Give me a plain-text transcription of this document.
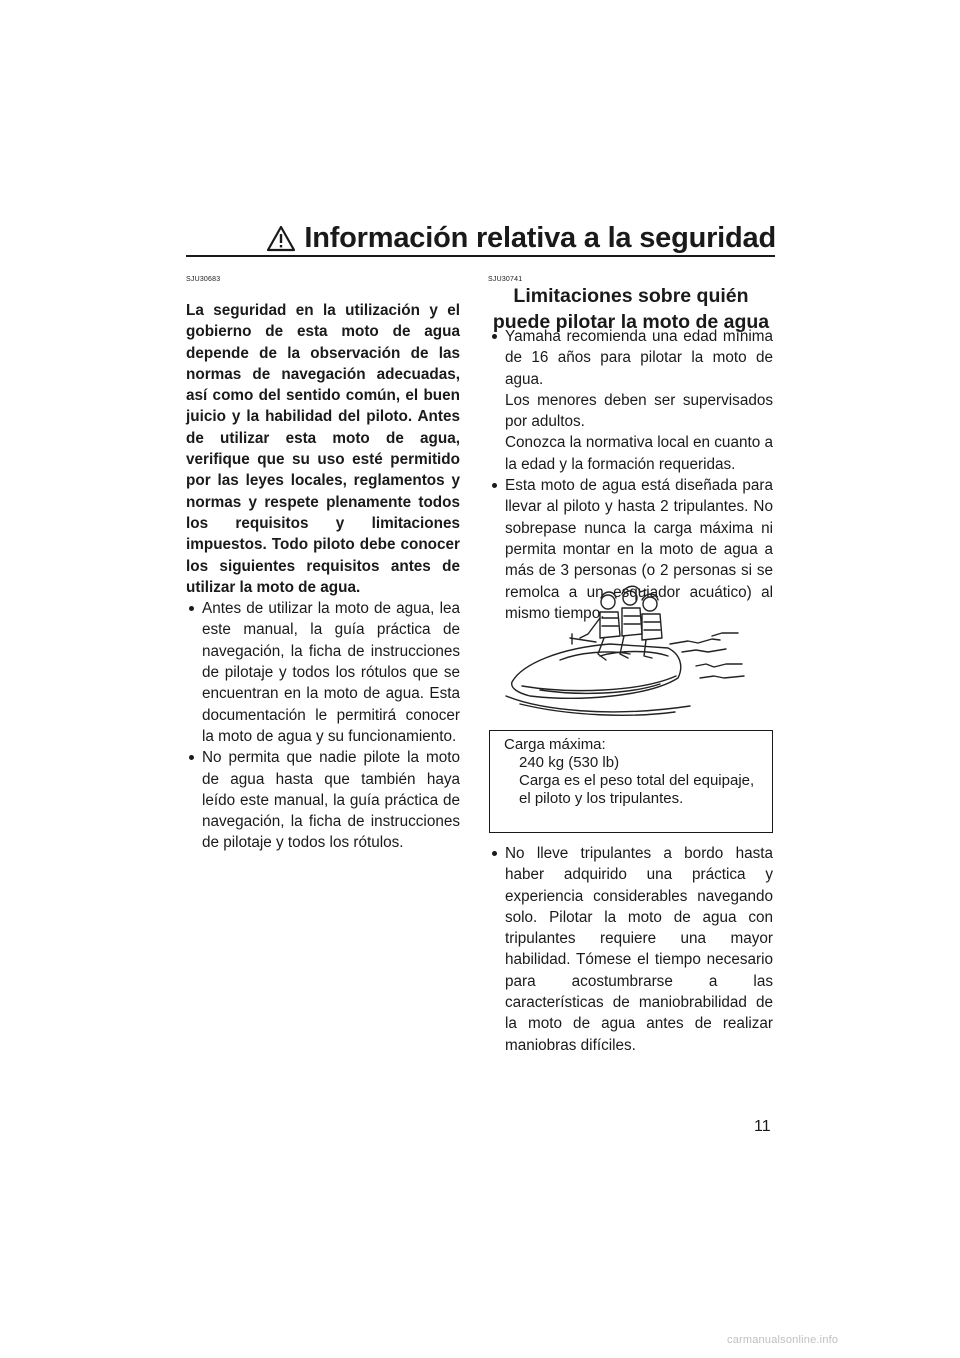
Información relativa a la seguridad
SJU30683

La seguridad en la utilización y el gobierno de esta moto de agua depende de la observación de las normas de navegación adecuadas, así como del sentido común, el buen juicio y la habilidad del piloto. Antes de utilizar esta moto de agua, verifique que su uso esté permitido por las leyes locales, reglamentos y normas y respete plenamente todos los requisitos y limitaciones impuestos. Todo piloto debe conocer los siguientes requisitos antes de utilizar la moto de agua.

Antes de utilizar la moto de agua, lea este manual, la guía práctica de navegación, la ficha de instrucciones de pilotaje y todos los rótulos que se encuentran en la moto de agua. Esta documentación le permitirá conocer la moto de agua y su funcionamiento.
No permita que nadie pilote la moto de agua hasta que también haya leído este manual, la guía práctica de navegación, la ficha de instrucciones de pilotaje y todos los rótulos.
SJU30741
Limitaciones sobre quién
puede pilotar la moto de agua
Yamaha recomienda una edad mínima de 16 años para pilotar la moto de agua.
Los menores deben ser supervisados por adultos.
Conozca la normativa local en cuanto a la edad y la formación requeridas.
Esta moto de agua está diseñada para llevar al piloto y hasta 2 tripulantes. No sobrepase nunca la carga máxima ni permita montar en la moto de agua a más de 3 personas (o 2 personas si se remolca a un esquiador acuático) al mismo tiempo.
Carga máxima:
240 kg (530 lb)
Carga es el peso total del equipaje, el piloto y los tripulantes.
No lleve tripulantes a bordo hasta haber adquirido una práctica y experiencia considerables navegando solo. Pilotar la moto de agua con tripulantes requiere una mayor habilidad. Tómese el tiempo necesario para acostumbrarse a las características de maniobrabilidad de la moto de agua antes de realizar maniobras difíciles.
11
carmanualsonline.info
